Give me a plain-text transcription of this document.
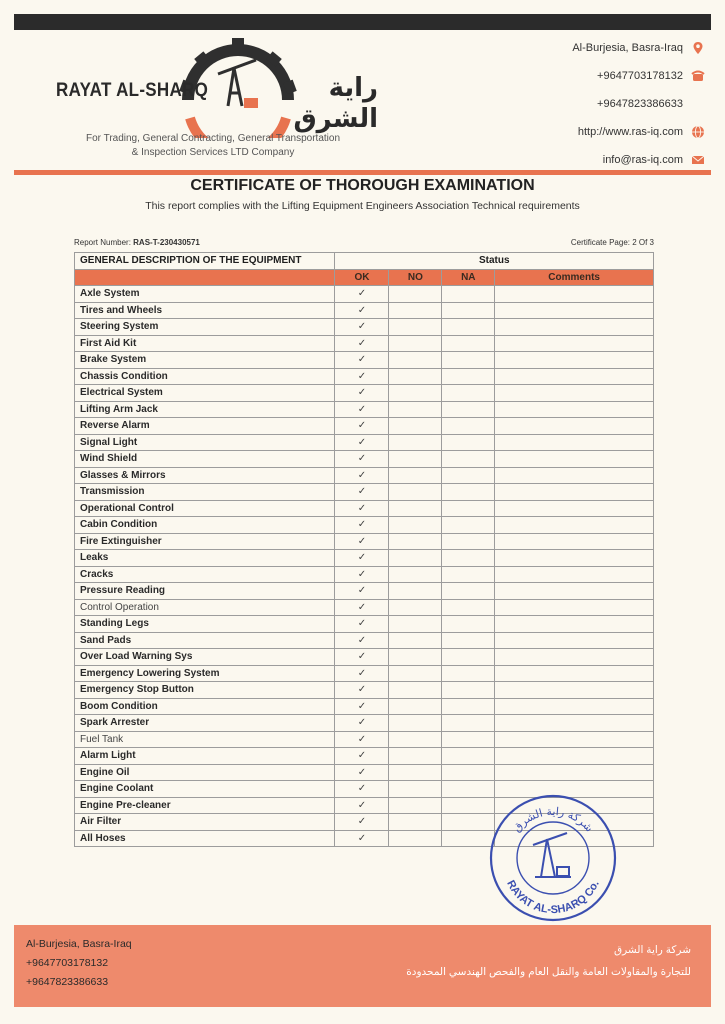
RAYAT AL-SHARQ	راية الشرق
For Trading, General Contracting, General Transportation
& Inspection Services LTD Company
Al-Burjesia, Basra-Iraq
+9647703178132
+9647823386633
http://www.ras-iq.com
info@ras-iq.com
CERTIFICATE OF THOROUGH EXAMINATION
This report complies with the Lifting Equipment Engineers Association Technical requirements
Report Number: RAS-T-230430571	Certificate Page: 2 Of 3
GENERAL DESCRIPTION OF THE EQUIPMENT	Status			
	OK	NO	NA	Comments
Axle System	✓			
Tires and Wheels	✓			
Steering System	✓			
First Aid Kit	✓			
Brake System	✓			
Chassis Condition	✓			
Electrical System	✓			
Lifting Arm Jack	✓			
Reverse Alarm	✓			
Signal Light	✓			
Wind Shield	✓			
Glasses & Mirrors	✓			
Transmission	✓			
Operational Control	✓			
Cabin Condition	✓			
Fire Extinguisher	✓			
Leaks	✓			
Cracks	✓			
Pressure Reading	✓			
Control Operation	✓			
Standing Legs	✓			
Sand Pads	✓			
Over Load Warning Sys	✓			
Emergency Lowering System	✓			
Emergency Stop Button	✓			
Boom Condition	✓			
Spark Arrester	✓			
Fuel Tank	✓			
Alarm Light	✓			
Engine Oil	✓			
Engine Coolant	✓			
Engine Pre-cleaner	✓			
Air Filter	✓			
All Hoses	✓			
شركة راية الشرق
RAYAT AL-SHARQ Co.
Al-Burjesia, Basra-Iraq
+9647703178132
+9647823386633
شركة راية الشرق
للتجارة والمقاولات العامة والنقل العام والفحص الهندسي المحدودة
